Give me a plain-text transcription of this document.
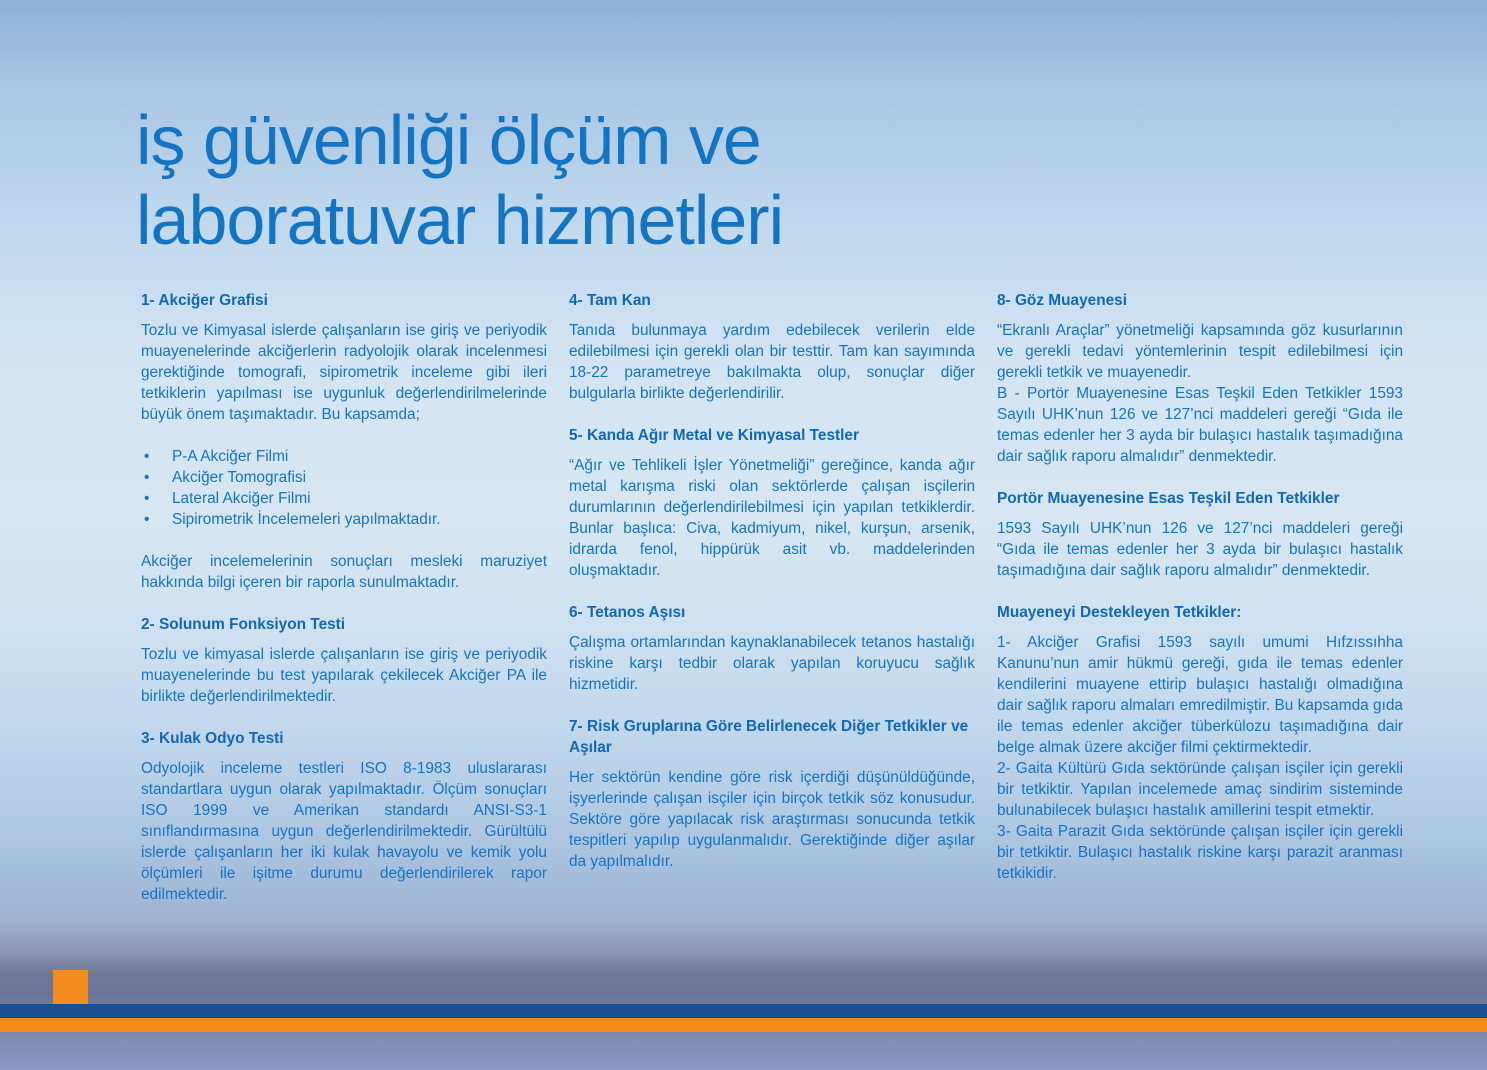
iş güvenliği ölçüm ve
laboratuvar hizmetleri
1- Akciğer Grafisi

Tozlu ve Kimyasal islerde çalışanların ise giriş ve periyodik muayenelerinde akciğerlerin radyolojik olarak incelenmesi gerektiğinde tomografi, sipirometrik inceleme gibi ileri tetkiklerin yapılması ise uygunluk değerlendirilmelerinde büyük önem taşımaktadır. Bu kapsamda;

• P-A Akciğer Filmi
• Akciğer Tomografisi
• Lateral Akciğer Filmi
• Sipirometrik İncelemeleri yapılmaktadır.

Akciğer incelemelerinin sonuçları mesleki maruziyet hakkında bilgi içeren bir raporla sunulmaktadır.

2- Solunum Fonksiyon Testi

Tozlu ve kimyasal islerde çalışanların ise giriş ve periyodik muayenelerinde bu test yapılarak çekilecek Akciğer PA ile birlikte değerlendirilmektedir.

3- Kulak Odyo Testi

Odyolojik inceleme testleri ISO 8-1983 uluslararası standartlara uygun olarak yapılmaktadır. Ölçüm sonuçları ISO 1999 ve Amerikan standardı ANSI-S3-1 sınıflandırmasına uygun değerlendirilmektedir. Gürültülü islerde çalışanların her iki kulak havayolu ve kemik yolu ölçümleri ile işitme durumu değerlendirilerek rapor edilmektedir.

4- Tam Kan

Tanıda bulunmaya yardım edebilecek verilerin elde edilebilmesi için gerekli olan bir testtir. Tam kan sayımında 18-22 parametreye bakılmakta olup, sonuçlar diğer bulgularla birlikte değerlendirilir.

5- Kanda Ağır Metal ve Kimyasal Testler

“Ağır ve Tehlikeli İşler Yönetmeliği” gereğince, kanda ağır metal karışma riski olan sektörlerde çalışan isçilerin durumlarının değerlendirilebilmesi için yapılan tetkiklerdir. Bunlar başlıca: Civa, kadmiyum, nikel, kurşun, arsenik, idrarda fenol, hippürük asit vb. maddelerinden oluşmaktadır.

6- Tetanos Aşısı

Çalışma ortamlarından kaynaklanabilecek tetanos hastalığı riskine karşı tedbir olarak yapılan koruyucu sağlık hizmetidir.

7- Risk Gruplarına Göre Belirlenecek Diğer Tetkikler ve Aşılar

Her sektörün kendine göre risk içerdiği düşünüldüğünde, işyerlerinde çalışan isçiler için birçok tetkik söz konusudur. Sektöre göre yapılacak risk araştırması sonucunda tetkik tespitleri yapılıp uygulanmalıdır. Gerektiğinde diğer aşılar da yapılmalıdır.

8- Göz Muayenesi

“Ekranlı Araçlar” yönetmeliği kapsamında göz kusurlarının ve gerekli tedavi yöntemlerinin tespit edilebilmesi için gerekli tetkik ve muayenedir.

B - Portör Muayenesine Esas Teşkil Eden Tetkikler 1593 Sayılı UHK’nun 126 ve 127’nci maddeleri gereği “Gıda ile temas edenler her 3 ayda bir bulaşıcı hastalık taşımadığına dair sağlık raporu almalıdır” denmektedir.

Portör Muayenesine Esas Teşkil Eden Tetkikler

1593 Sayılı UHK’nun 126 ve 127’nci maddeleri gereği “Gıda ile temas edenler her 3 ayda bir bulaşıcı hastalık taşımadığına dair sağlık raporu almalıdır” denmektedir.

Muayeneyi Destekleyen Tetkikler:

1- Akciğer Grafisi 1593 sayılı umumi Hıfzıssıhha Kanunu’nun amir hükmü gereği, gıda ile temas edenler kendilerini muayene ettirip bulaşıcı hastalığı olmadığına dair sağlık raporu almaları emredilmiştir. Bu kapsamda gıda ile temas edenler akciğer tüberkülozu taşımadığına dair belge almak üzere akciğer filmi çektirmektedir.

2- Gaita Kültürü Gıda sektöründe çalışan isçiler için gerekli bir tetkiktir. Yapılan incelemede amaç sindirim sisteminde bulunabilecek bulaşıcı hastalık amillerini tespit etmektir.

3- Gaita Parazit Gıda sektöründe çalışan isçiler için gerekli bir tetkiktir. Bulaşıcı hastalık riskine karşı parazit aranması tetkikidir.
